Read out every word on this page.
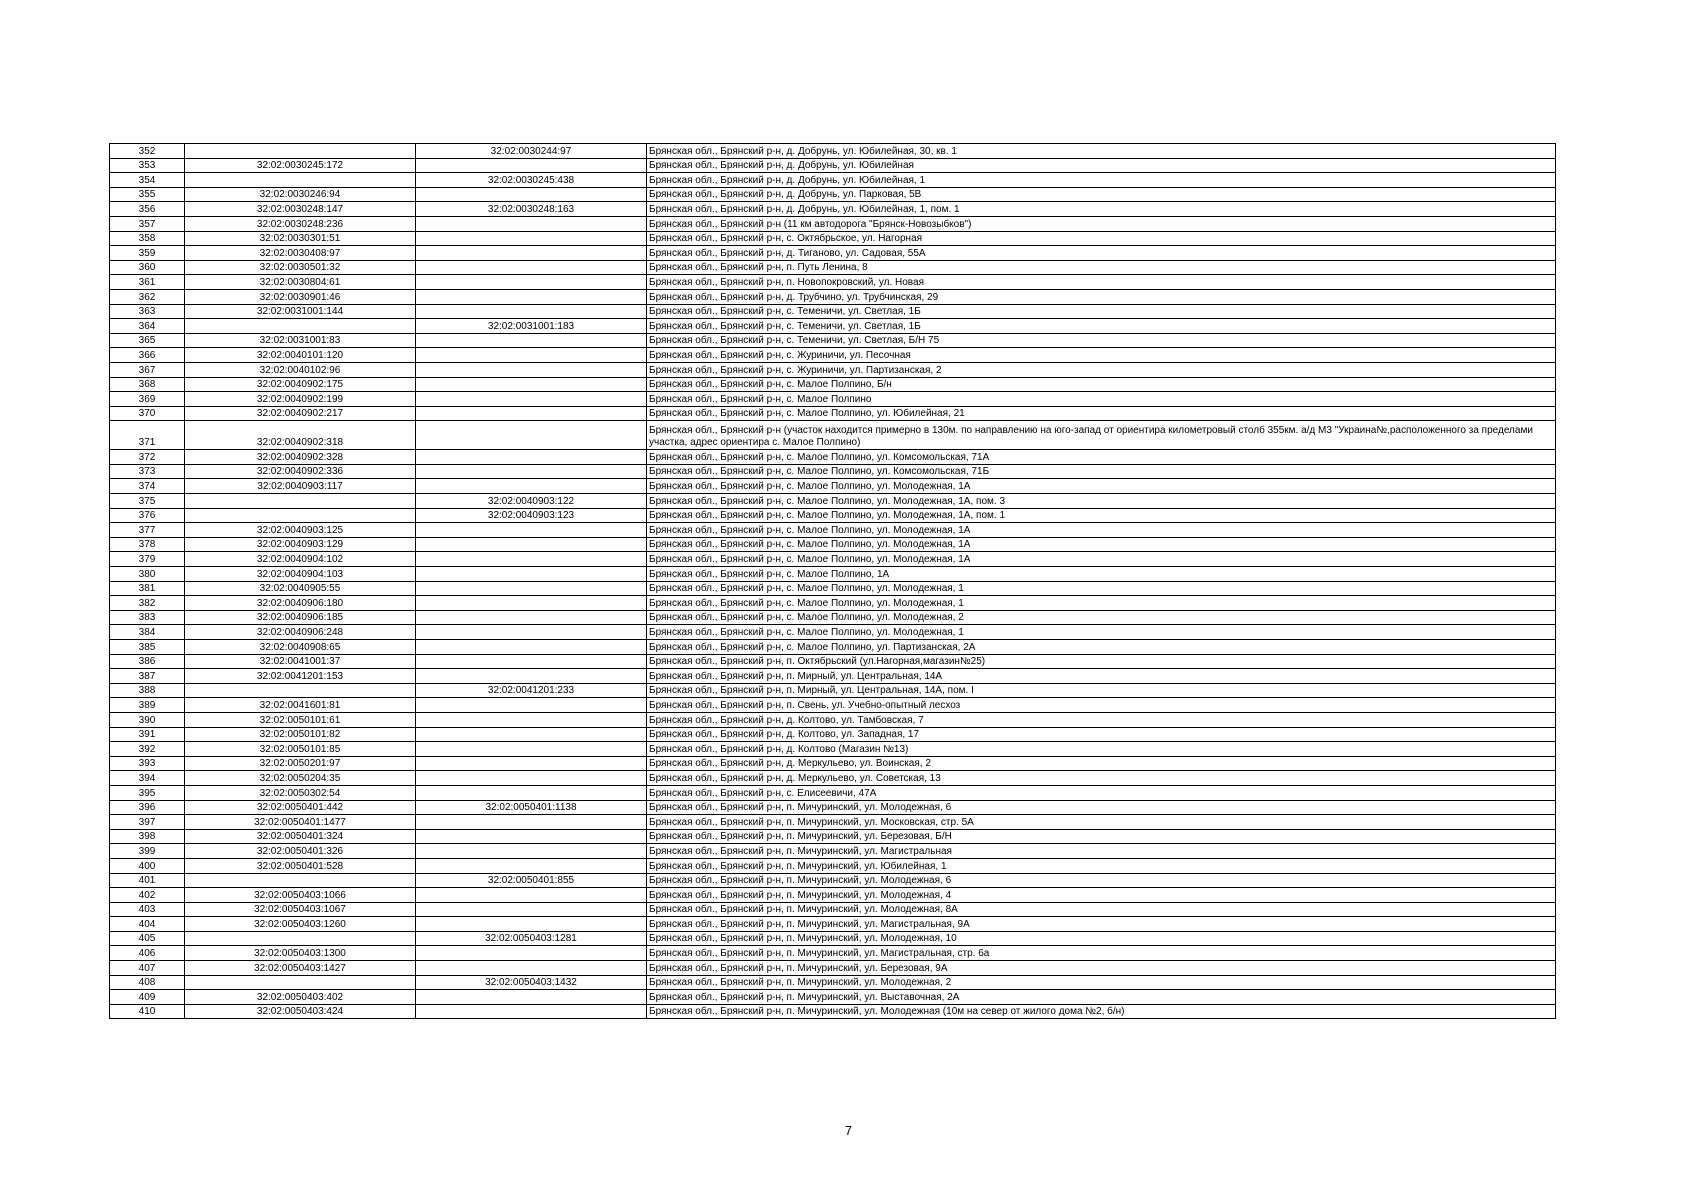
352		32:02:0030244:97	Брянская обл., Брянский р-н, д. Добрунь, ул. Юбилейная, 30, кв. 1
353	32:02:0030245:172		Брянская обл., Брянский р-н, д. Добрунь, ул. Юбилейная
354		32:02:0030245:438	Брянская обл., Брянский р-н, д. Добрунь, ул. Юбилейная, 1
355	32:02:0030246:94		Брянская обл., Брянский р-н, д. Добрунь, ул. Парковая, 5В
356	32:02:0030248:147	32:02:0030248:163	Брянская обл., Брянский р-н, д. Добрунь, ул. Юбилейная, 1, пом. 1
357	32:02:0030248:236		Брянская обл., Брянский р-н (11 км автодорога "Брянск-Новозыбков")
358	32:02:0030301:51		Брянская обл., Брянский р-н, с. Октябрьское, ул. Нагорная
359	32:02:0030408:97		Брянская обл., Брянский р-н, д. Тиганово, ул. Садовая, 55А
360	32:02:0030501:32		Брянская обл., Брянский р-н, п. Путь Ленина, 8
361	32:02:0030804:61		Брянская обл., Брянский р-н, п. Новопокровский, ул. Новая
362	32:02:0030901:46		Брянская обл., Брянский р-н, д. Трубчино, ул. Трубчинская, 29
363	32:02:0031001:144		Брянская обл., Брянский р-н, с. Теменичи, ул. Светлая, 1Б
364		32:02:0031001:183	Брянская обл., Брянский р-н, с. Теменичи, ул. Светлая, 1Б
365	32:02:0031001:83		Брянская обл., Брянский р-н, с. Теменичи, ул. Светлая, Б/Н 75
366	32:02:0040101:120		Брянская обл., Брянский р-н, с. Журиничи, ул. Песочная
367	32:02:0040102:96		Брянская обл., Брянский р-н, с. Журиничи, ул. Партизанская, 2
368	32:02:0040902:175		Брянская обл., Брянский р-н, с. Малое Полпино, Б/н
369	32:02:0040902:199		Брянская обл., Брянский р-н, с. Малое Полпино
370	32:02:0040902:217		Брянская обл., Брянский р-н, с. Малое Полпино, ул. Юбилейная, 21
371	32:02:0040902:318		Брянская обл., Брянский р-н (участок находится примерно в 130м. по направлению на юго-запад от ориентира километровый столб 355км. а/д М3 "Украина№,расположенного за пределами участка, адрес ориентира с. Малое Полпино)
372	32:02:0040902:328		Брянская обл., Брянский р-н, с. Малое Полпино, ул. Комсомольская, 71А
373	32:02:0040902:336		Брянская обл., Брянский р-н, с. Малое Полпино, ул. Комсомольская, 71Б
374	32:02:0040903:117		Брянская обл., Брянский р-н, с. Малое Полпино, ул. Молодежная, 1А
375		32:02:0040903:122	Брянская обл., Брянский р-н, с. Малое Полпино, ул. Молодежная, 1А, пом. 3
376		32:02:0040903:123	Брянская обл., Брянский р-н, с. Малое Полпино, ул. Молодежная, 1А, пом. 1
377	32:02:0040903:125		Брянская обл., Брянский р-н, с. Малое Полпино, ул. Молодежная, 1А
378	32:02:0040903:129		Брянская обл., Брянский р-н, с. Малое Полпино, ул. Молодежная, 1А
379	32:02:0040904:102		Брянская обл., Брянский р-н, с. Малое Полпино, ул. Молодежная, 1А
380	32:02:0040904:103		Брянская обл., Брянский р-н, с. Малое Полпино, 1А
381	32:02:0040905:55		Брянская обл., Брянский р-н, с. Малое Полпино, ул. Молодежная, 1
382	32:02:0040906:180		Брянская обл., Брянский р-н, с. Малое Полпино, ул. Молодежная, 1
383	32:02:0040906:185		Брянская обл., Брянский р-н, с. Малое Полпино, ул. Молодежная, 2
384	32:02:0040906:248		Брянская обл., Брянский р-н, с. Малое Полпино, ул. Молодежная, 1
385	32:02:0040908:65		Брянская обл., Брянский р-н, с. Малое Полпино, ул. Партизанская, 2А
386	32:02:0041001:37		Брянская обл., Брянский р-н, п. Октябрьский (ул.Нагорная,магазин№25)
387	32:02:0041201:153		Брянская обл., Брянский р-н, п. Мирный, ул. Центральная, 14А
388		32:02:0041201:233	Брянская обл., Брянский р-н, п. Мирный, ул. Центральная, 14А, пом. I
389	32:02:0041601:81		Брянская обл., Брянский р-н, п. Свень, ул. Учебно-опытный лесхоз
390	32:02:0050101:61		Брянская обл., Брянский р-н, д. Колтово, ул. Тамбовская, 7
391	32:02:0050101:82		Брянская обл., Брянский р-н, д. Колтово, ул. Западная, 17
392	32:02:0050101:85		Брянская обл., Брянский р-н, д. Колтово (Магазин №13)
393	32:02:0050201:97		Брянская обл., Брянский р-н, д. Меркульево, ул. Воинская, 2
394	32:02:0050204:35		Брянская обл., Брянский р-н, д. Меркульево, ул. Советская, 13
395	32:02:0050302:54		Брянская обл., Брянский р-н, с. Елисеевичи, 47А
396	32:02:0050401:442	32:02:0050401:1138	Брянская обл., Брянский р-н, п. Мичуринский, ул. Молодежная, 6
397	32:02:0050401:1477		Брянская обл., Брянский р-н, п. Мичуринский, ул. Московская, стр. 5А
398	32:02:0050401:324		Брянская обл., Брянский р-н, п. Мичуринский, ул. Березовая, Б/Н
399	32:02:0050401:326		Брянская обл., Брянский р-н, п. Мичуринский, ул. Магистральная
400	32:02:0050401:528		Брянская обл., Брянский р-н, п. Мичуринский, ул. Юбилейная, 1
401		32:02:0050401:855	Брянская обл., Брянский р-н, п. Мичуринский, ул. Молодежная, 6
402	32:02:0050403:1066		Брянская обл., Брянский р-н, п. Мичуринский, ул. Молодежная, 4
403	32:02:0050403:1067		Брянская обл., Брянский р-н, п. Мичуринский, ул. Молодежная, 8А
404	32:02:0050403:1260		Брянская обл., Брянский р-н, п. Мичуринский, ул. Магистральная, 9А
405		32:02:0050403:1281	Брянская обл., Брянский р-н, п. Мичуринский, ул. Молодежная, 10
406	32:02:0050403:1300		Брянская обл., Брянский р-н, п. Мичуринский, ул. Магистральная, стр. 6а
407	32:02:0050403:1427		Брянская обл., Брянский р-н, п. Мичуринский, ул. Березовая, 9А
408		32:02:0050403:1432	Брянская обл., Брянский р-н, п. Мичуринский, ул. Молодежная, 2
409	32:02:0050403:402		Брянская обл., Брянский р-н, п. Мичуринский, ул. Выставочная, 2А
410	32:02:0050403:424		Брянская обл., Брянский р-н, п. Мичуринский, ул. Молодежная (10м на север от жилого дома №2, б/н)
7
